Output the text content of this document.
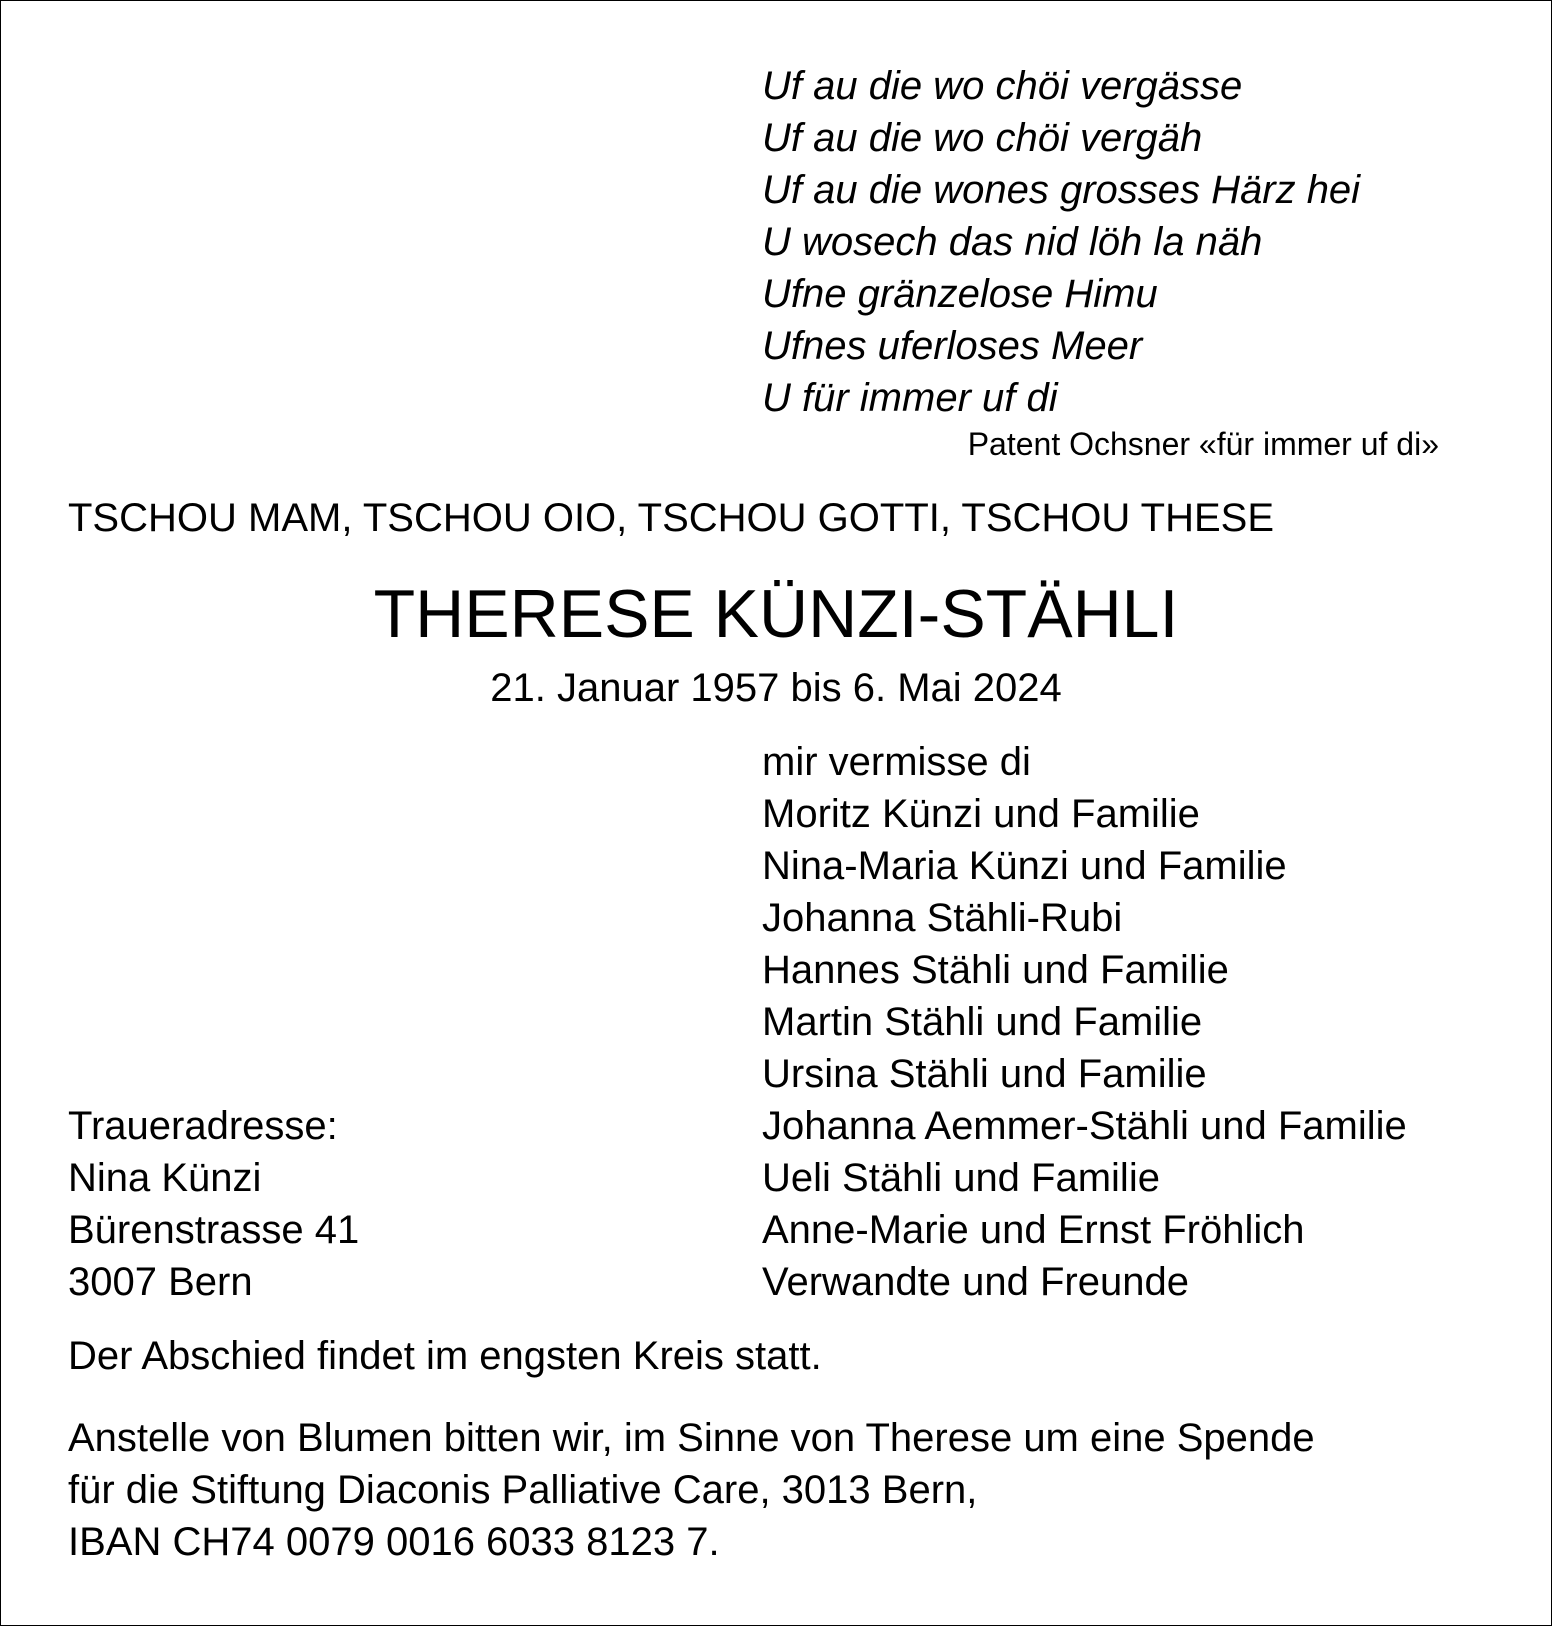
Uf au die wo chöi vergässe
Uf au die wo chöi vergäh
Uf au die wones grosses Härz hei
U wosech das nid löh la näh
Ufne gränzelose Himu
Ufnes uferloses Meer
U für immer uf di
Patent Ochsner «für immer uf di»
TSCHOU MAM, TSCHOU OIO, TSCHOU GOTTI, TSCHOU THESE
THERESE KÜNZI-STÄHLI
21. Januar 1957 bis 6. Mai 2024
mir vermisse di
Moritz Künzi und Familie
Nina-Maria Künzi und Familie
Johanna Stähli-Rubi
Hannes Stähli und Familie
Martin Stähli und Familie
Ursina Stähli und Familie
Johanna Aemmer-Stähli und Familie
Ueli Stähli und Familie
Anne-Marie und Ernst Fröhlich
Verwandte und Freunde
Traueradresse:
Nina Künzi
Bürenstrasse 41
3007 Bern
Der Abschied findet im engsten Kreis statt.
Anstelle von Blumen bitten wir, im Sinne von Therese um eine Spende
für die Stiftung Diaconis Palliative Care, 3013 Bern,
IBAN CH74 0079 0016 6033 8123 7.
